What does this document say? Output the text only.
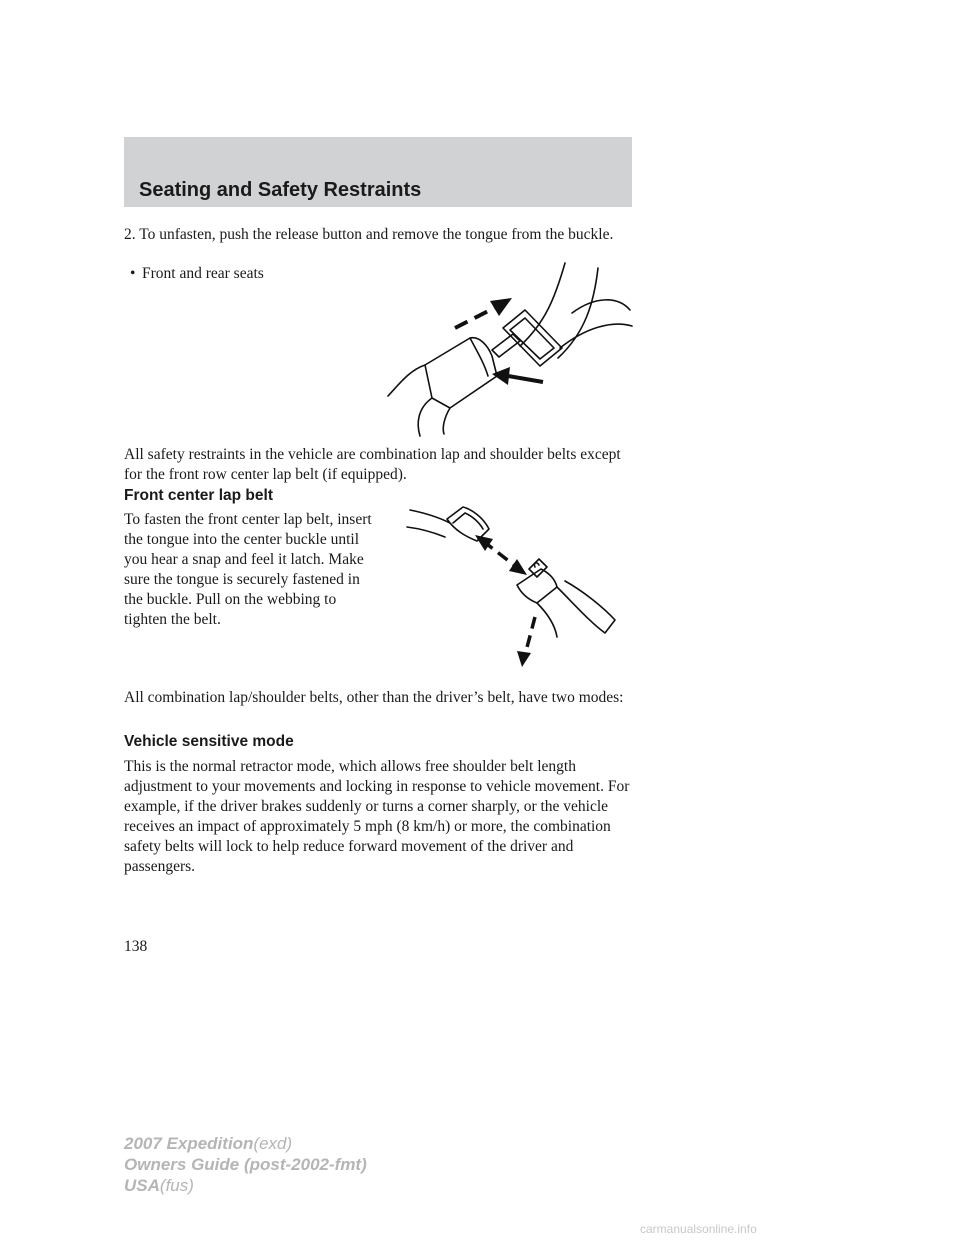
Seating and Safety Restraints

2. To unfasten, push the release button and remove the tongue from the buckle.

• Front and rear seats

All safety restraints in the vehicle are combination lap and shoulder belts except for the front row center lap belt (if equipped).

Front center lap belt

To fasten the front center lap belt, insert the tongue into the center buckle until you hear a snap and feel it latch. Make sure the tongue is securely fastened in the buckle. Pull on the webbing to tighten the belt.

All combination lap/shoulder belts, other than the driver’s belt, have two modes:

Vehicle sensitive mode

This is the normal retractor mode, which allows free shoulder belt length adjustment to your movements and locking in response to vehicle movement. For example, if the driver brakes suddenly or turns a corner sharply, or the vehicle receives an impact of approximately 5 mph (8 km/h) or more, the combination safety belts will lock to help reduce forward movement of the driver and passengers.

138
2007 Expedition(exd)
Owners Guide (post-2002-fmt)
USA(fus)
carmanualsonline.info
